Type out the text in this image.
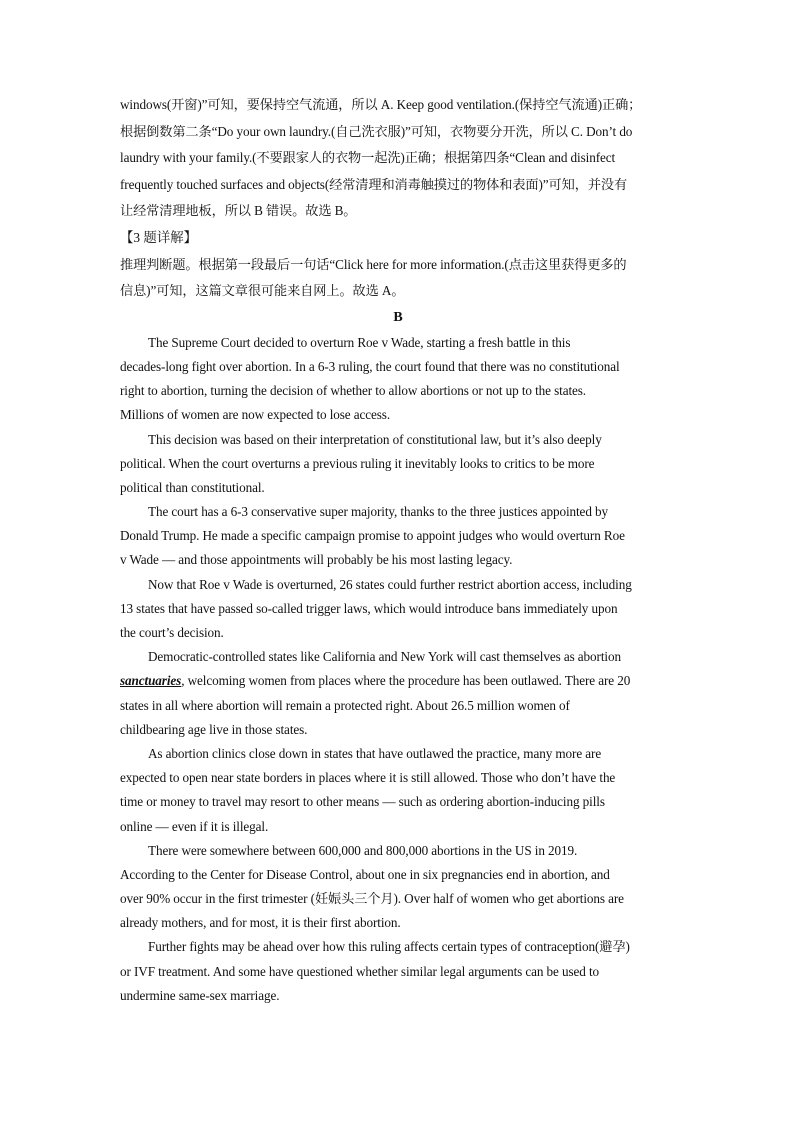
windows(开窗)”可知，要保持空气流通，所以 A. Keep good ventilation.(保持空气流通)正确；
根据倒数第二条“Do your own laundry.(自己洗衣服)”可知，衣物要分开洗，所以 C. Don’t do
laundry with your family.(不要跟家人的衣物一起洗)正确；根据第四条“Clean and disinfect
frequently touched surfaces and objects(经常清理和消毒触摸过的物体和表面)”可知，并没有
让经常清理地板，所以 B 错误。故选 B。
【3 题详解】
推理判断题。根据第一段最后一句话“Click here for more information.(点击这里获得更多的
信息)”可知，这篇文章很可能来自网上。故选 A。
B
The Supreme Court decided to overturn Roe v Wade, starting a fresh battle in this
decades-long fight over abortion. In a 6-3 ruling, the court found that there was no constitutional
right to abortion, turning the decision of whether to allow abortions or not up to the states.
Millions of women are now expected to lose access.
This decision was based on their interpretation of constitutional law, but it’s also deeply
political. When the court overturns a previous ruling it inevitably looks to critics to be more
political than constitutional.
The court has a 6-3 conservative super majority, thanks to the three justices appointed by
Donald Trump. He made a specific campaign promise to appoint judges who would overturn Roe
v Wade — and those appointments will probably be his most lasting legacy.
Now that Roe v Wade is overturned, 26 states could further restrict abortion access, including
13 states that have passed so-called trigger laws, which would introduce bans immediately upon
the court’s decision.
Democratic-controlled states like California and New York will cast themselves as abortion
sanctuaries, welcoming women from places where the procedure has been outlawed. There are 20
states in all where abortion will remain a protected right. About 26.5 million women of
childbearing age live in those states.
As abortion clinics close down in states that have outlawed the practice, many more are
expected to open near state borders in places where it is still allowed. Those who don’t have the
time or money to travel may resort to other means — such as ordering abortion-inducing pills
online — even if it is illegal.
There were somewhere between 600,000 and 800,000 abortions in the US in 2019.
According to the Center for Disease Control, about one in six pregnancies end in abortion, and
over 90% occur in the first trimester (妊娠头三个月). Over half of women who get abortions are
already mothers, and for most, it is their first abortion.
Further fights may be ahead over how this ruling affects certain types of contraception(避孕)
or IVF treatment. And some have questioned whether similar legal arguments can be used to
undermine same-sex marriage.
